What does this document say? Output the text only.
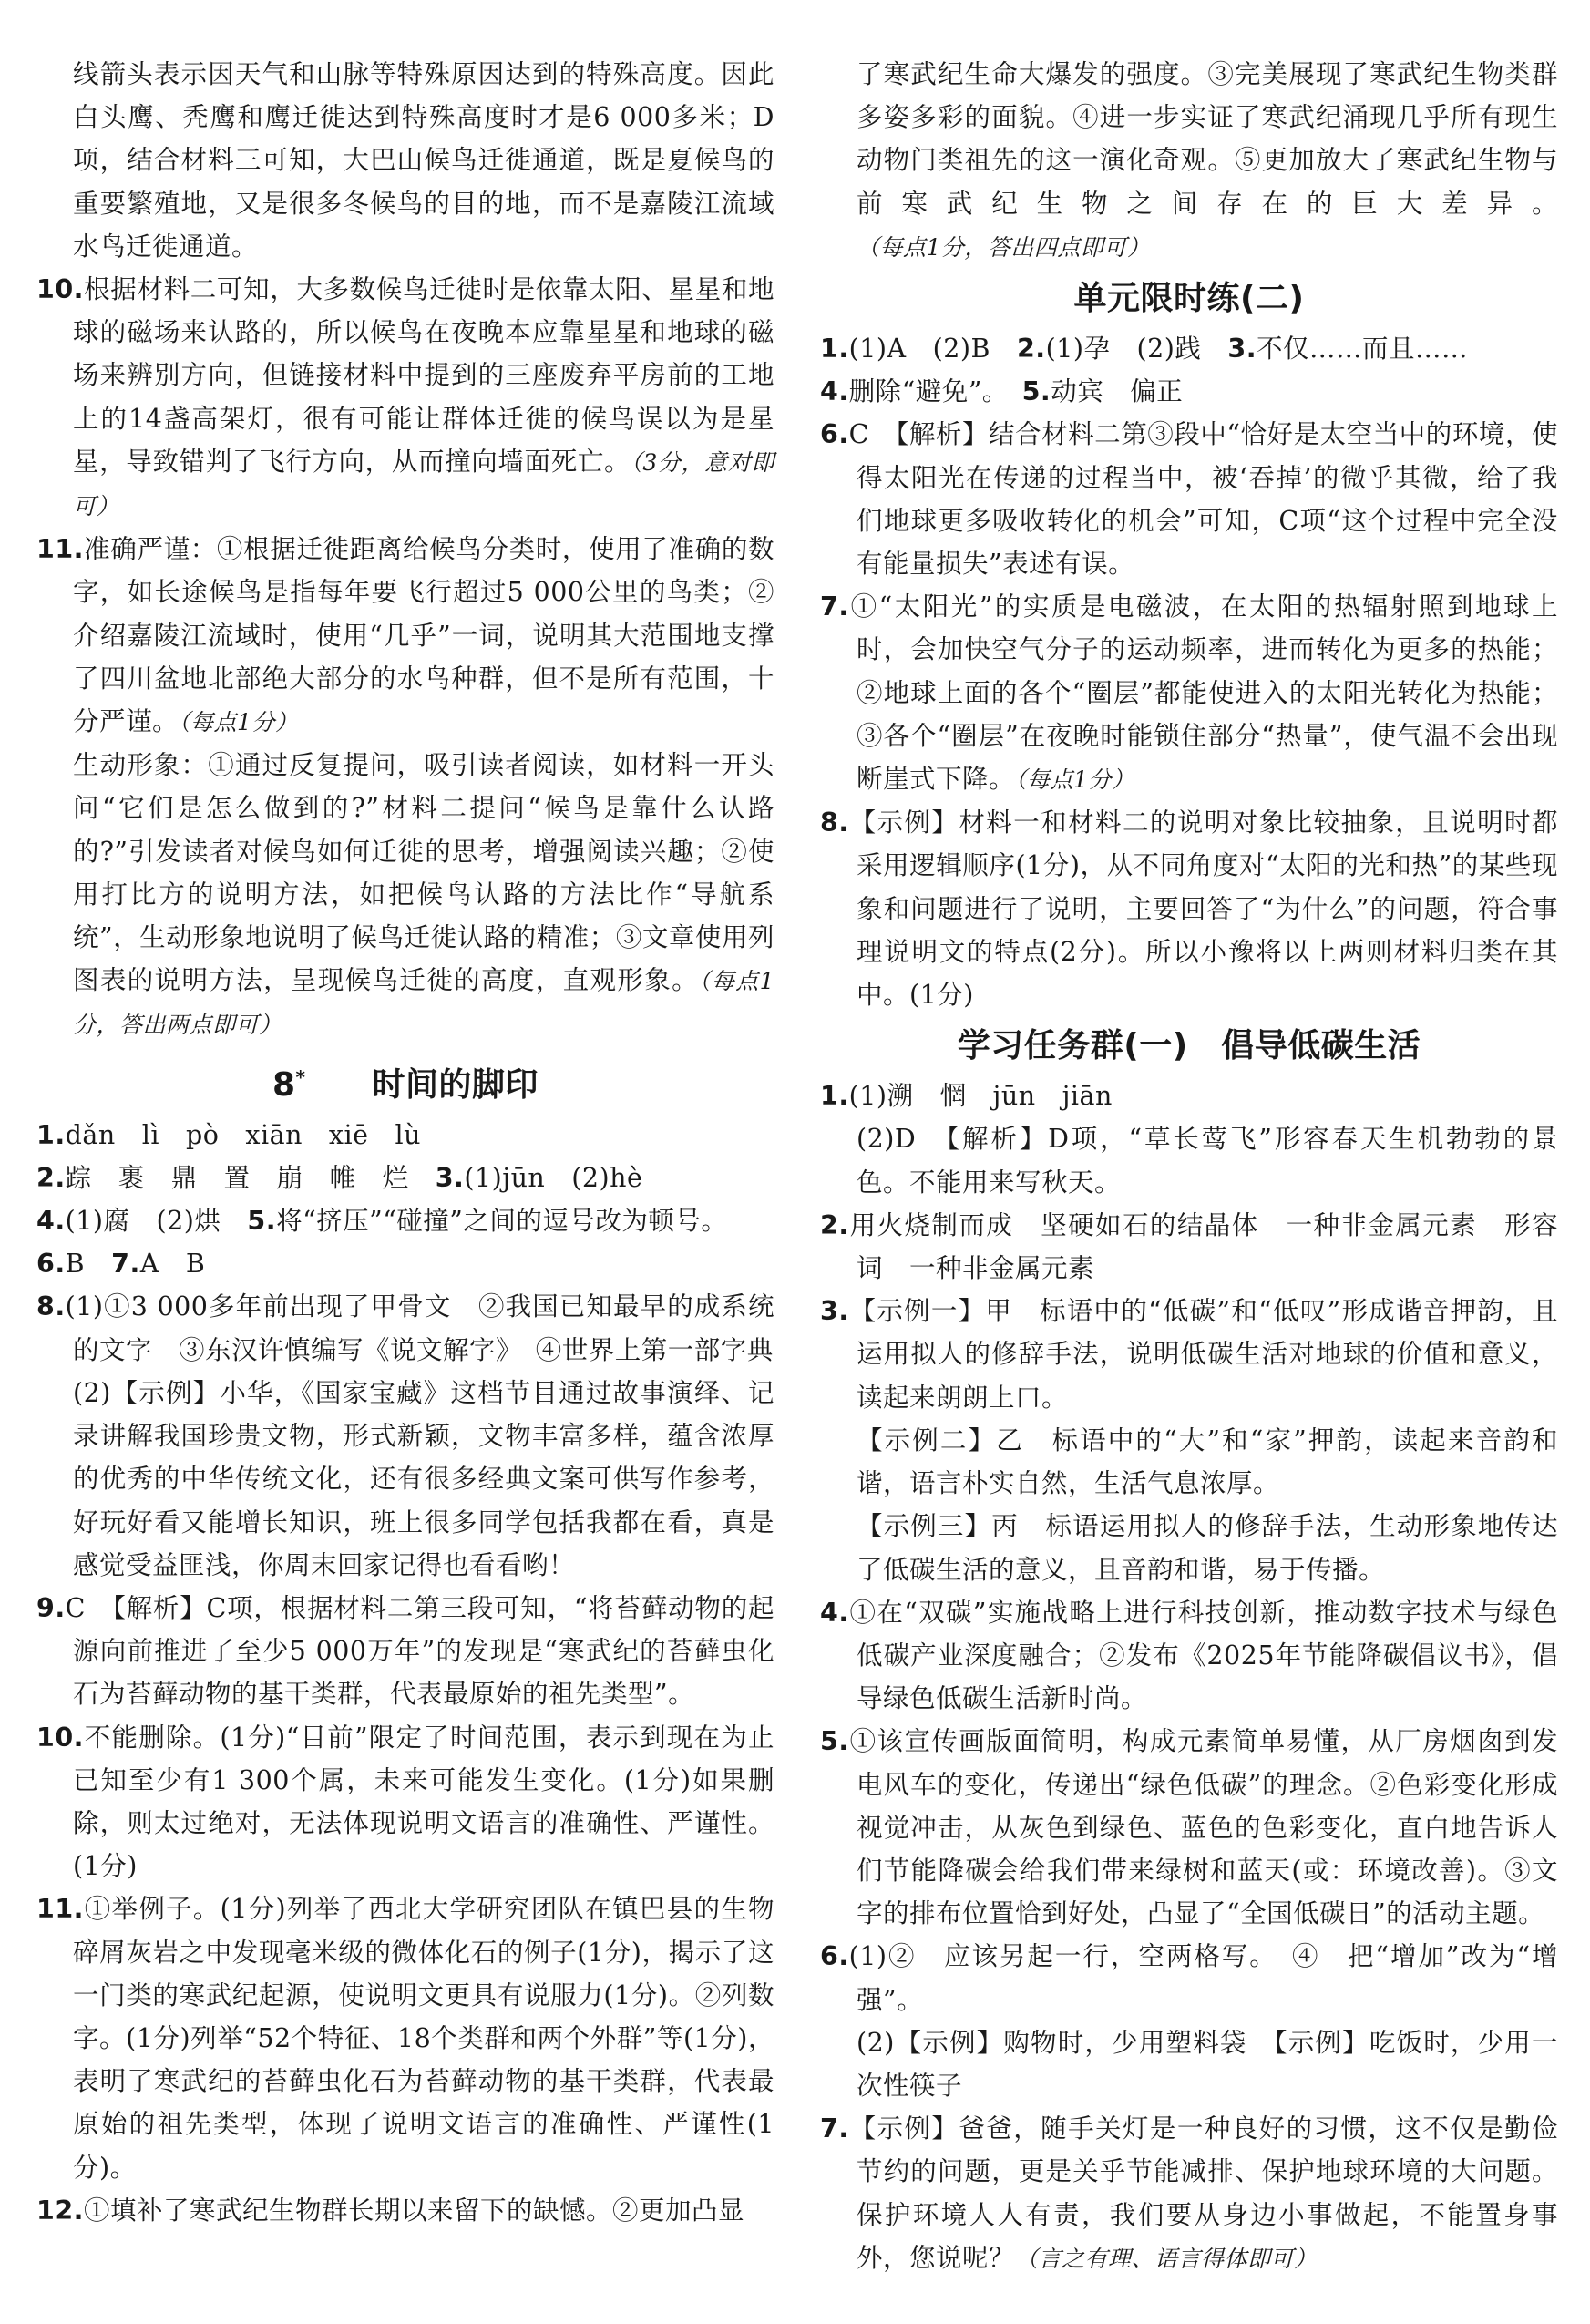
线箭头表示因天气和山脉等特殊原因达到的特殊高度。因此白头鹰、秃鹰和鹰迁徙达到特殊高度时才是6 000多米；D项，结合材料三可知，大巴山候鸟迁徙通道，既是夏候鸟的重要繁殖地，又是很多冬候鸟的目的地，而不是嘉陵江流域水鸟迁徙通道。

10.根据材料二可知，大多数候鸟迁徙时是依靠太阳、星星和地球的磁场来认路的，所以候鸟在夜晚本应靠星星和地球的磁场来辨别方向，但链接材料中提到的三座废弃平房前的工地上的14盏高架灯，很有可能让群体迁徙的候鸟误以为是星星，导致错判了飞行方向，从而撞向墙面死亡。（3分，意对即可）

11.准确严谨：①根据迁徙距离给候鸟分类时，使用了准确的数字，如长途候鸟是指每年要飞行超过5 000公里的鸟类；②介绍嘉陵江流域时，使用“几乎”一词，说明其大范围地支撑了四川盆地北部绝大部分的水鸟种群，但不是所有范围，十分严谨。（每点1分）

生动形象：①通过反复提问，吸引读者阅读，如材料一开头问“它们是怎么做到的?”材料二提问“候鸟是靠什么认路的?”引发读者对候鸟如何迁徙的思考，增强阅读兴趣；②使用打比方的说明方法，如把候鸟认路的方法比作“导航系统”，生动形象地说明了候鸟迁徙认路的精准；③文章使用列图表的说明方法，呈现候鸟迁徙的高度，直观形象。（每点1分，答出两点即可）

8*　　 时间的脚印

1.dǎn　lì　pò　xiān　xiē　lù

2.踪　裹　鼎　置　崩　帷　烂　3.(1)jūn　(2)hè

4.(1)腐　(2)烘　5.将“挤压”“碰撞”之间的逗号改为顿号。

6.B　7.A　B

8.(1)①3 000多年前出现了甲骨文　②我国已知最早的成系统的文字　③东汉许慎编写《说文解字》　④世界上第一部字典

(2)【示例】小华，《国家宝藏》这档节目通过故事演绎、记录讲解我国珍贵文物，形式新颖，文物丰富多样，蕴含浓厚的优秀的中华传统文化，还有很多经典文案可供写作参考，好玩好看又能增长知识，班上很多同学包括我都在看，真是感觉受益匪浅，你周末回家记得也看看哟！

9.C　【解析】C项，根据材料二第三段可知，“将苔藓动物的起源向前推进了至少5 000万年”的发现是“寒武纪的苔藓虫化石为苔藓动物的基干类群，代表最原始的祖先类型”。

10.不能删除。(1分)“目前”限定了时间范围，表示到现在为止已知至少有1 300个属，未来可能发生变化。(1分)如果删除，则太过绝对，无法体现说明文语言的准确性、严谨性。(1分)

11.①举例子。(1分)列举了西北大学研究团队在镇巴县的生物碎屑灰岩之中发现毫米级的微体化石的例子(1分)，揭示了这一门类的寒武纪起源，使说明文更具有说服力(1分)。②列数字。(1分)列举“52个特征、18个类群和两个外群”等(1分)，表明了寒武纪的苔藓虫化石为苔藓动物的基干类群，代表最原始的祖先类型，体现了说明文语言的准确性、严谨性(1分)。

12.①填补了寒武纪生物群长期以来留下的缺憾。②更加凸显

了寒武纪生命大爆发的强度。③完美展现了寒武纪生物类群多姿多彩的面貌。④进一步实证了寒武纪涌现几乎所有现生动物门类祖先的这一演化奇观。⑤更加放大了寒武纪生物与前寒武纪生物之间存在的巨大差异。（每点1分，答出四点即可）

单元限时练(二)

1.(1)A　(2)B　2.(1)孕　(2)践　3.不仅……而且……

4.删除“避免”。　5.动宾　偏正

6.C　【解析】结合材料二第③段中“恰好是太空当中的环境，使得太阳光在传递的过程当中，被‘吞掉’的微乎其微，给了我们地球更多吸收转化的机会”可知，C项“这个过程中完全没有能量损失”表述有误。

7.①“太阳光”的实质是电磁波，在太阳的热辐射照到地球上时，会加快空气分子的运动频率，进而转化为更多的热能；②地球上面的各个“圈层”都能使进入的太阳光转化为热能；③各个“圈层”在夜晚时能锁住部分“热量”，使气温不会出现断崖式下降。（每点1分）

8.【示例】材料一和材料二的说明对象比较抽象，且说明时都采用逻辑顺序(1分)，从不同角度对“太阳的光和热”的某些现象和问题进行了说明，主要回答了“为什么”的问题，符合事理说明文的特点(2分)。所以小豫将以上两则材料归类在其中。(1分)

学习任务群(一)　倡导低碳生活

1.(1)溯　惘　jūn　jiān

(2)D　【解析】D项，“草长莺飞”形容春天生机勃勃的景色。不能用来写秋天。

2.用火烧制而成　坚硬如石的结晶体　一种非金属元素　形容词　一种非金属元素

3.【示例一】甲　标语中的“低碳”和“低叹”形成谐音押韵，且运用拟人的修辞手法，说明低碳生活对地球的价值和意义，读起来朗朗上口。

【示例二】乙　标语中的“大”和“家”押韵，读起来音韵和谐，语言朴实自然，生活气息浓厚。

【示例三】丙　标语运用拟人的修辞手法，生动形象地传达了低碳生活的意义，且音韵和谐，易于传播。

4.①在“双碳”实施战略上进行科技创新，推动数字技术与绿色低碳产业深度融合；②发布《2025年节能降碳倡议书》，倡导绿色低碳生活新时尚。

5.①该宣传画版面简明，构成元素简单易懂，从厂房烟囱到发电风车的变化，传递出“绿色低碳”的理念。②色彩变化形成视觉冲击，从灰色到绿色、蓝色的色彩变化，直白地告诉人们节能降碳会给我们带来绿树和蓝天(或：环境改善)。③文字的排布位置恰到好处，凸显了“全国低碳日”的活动主题。

6.(1)②　应该另起一行，空两格写。　④　把“增加”改为“增强”。

(2)【示例】购物时，少用塑料袋　【示例】吃饭时，少用一次性筷子

7.【示例】爸爸，随手关灯是一种良好的习惯，这不仅是勤俭节约的问题，更是关乎节能减排、保护地球环境的大问题。保护环境人人有责，我们要从身边小事做起，不能置身事外，您说呢？（言之有理、语言得体即可）
